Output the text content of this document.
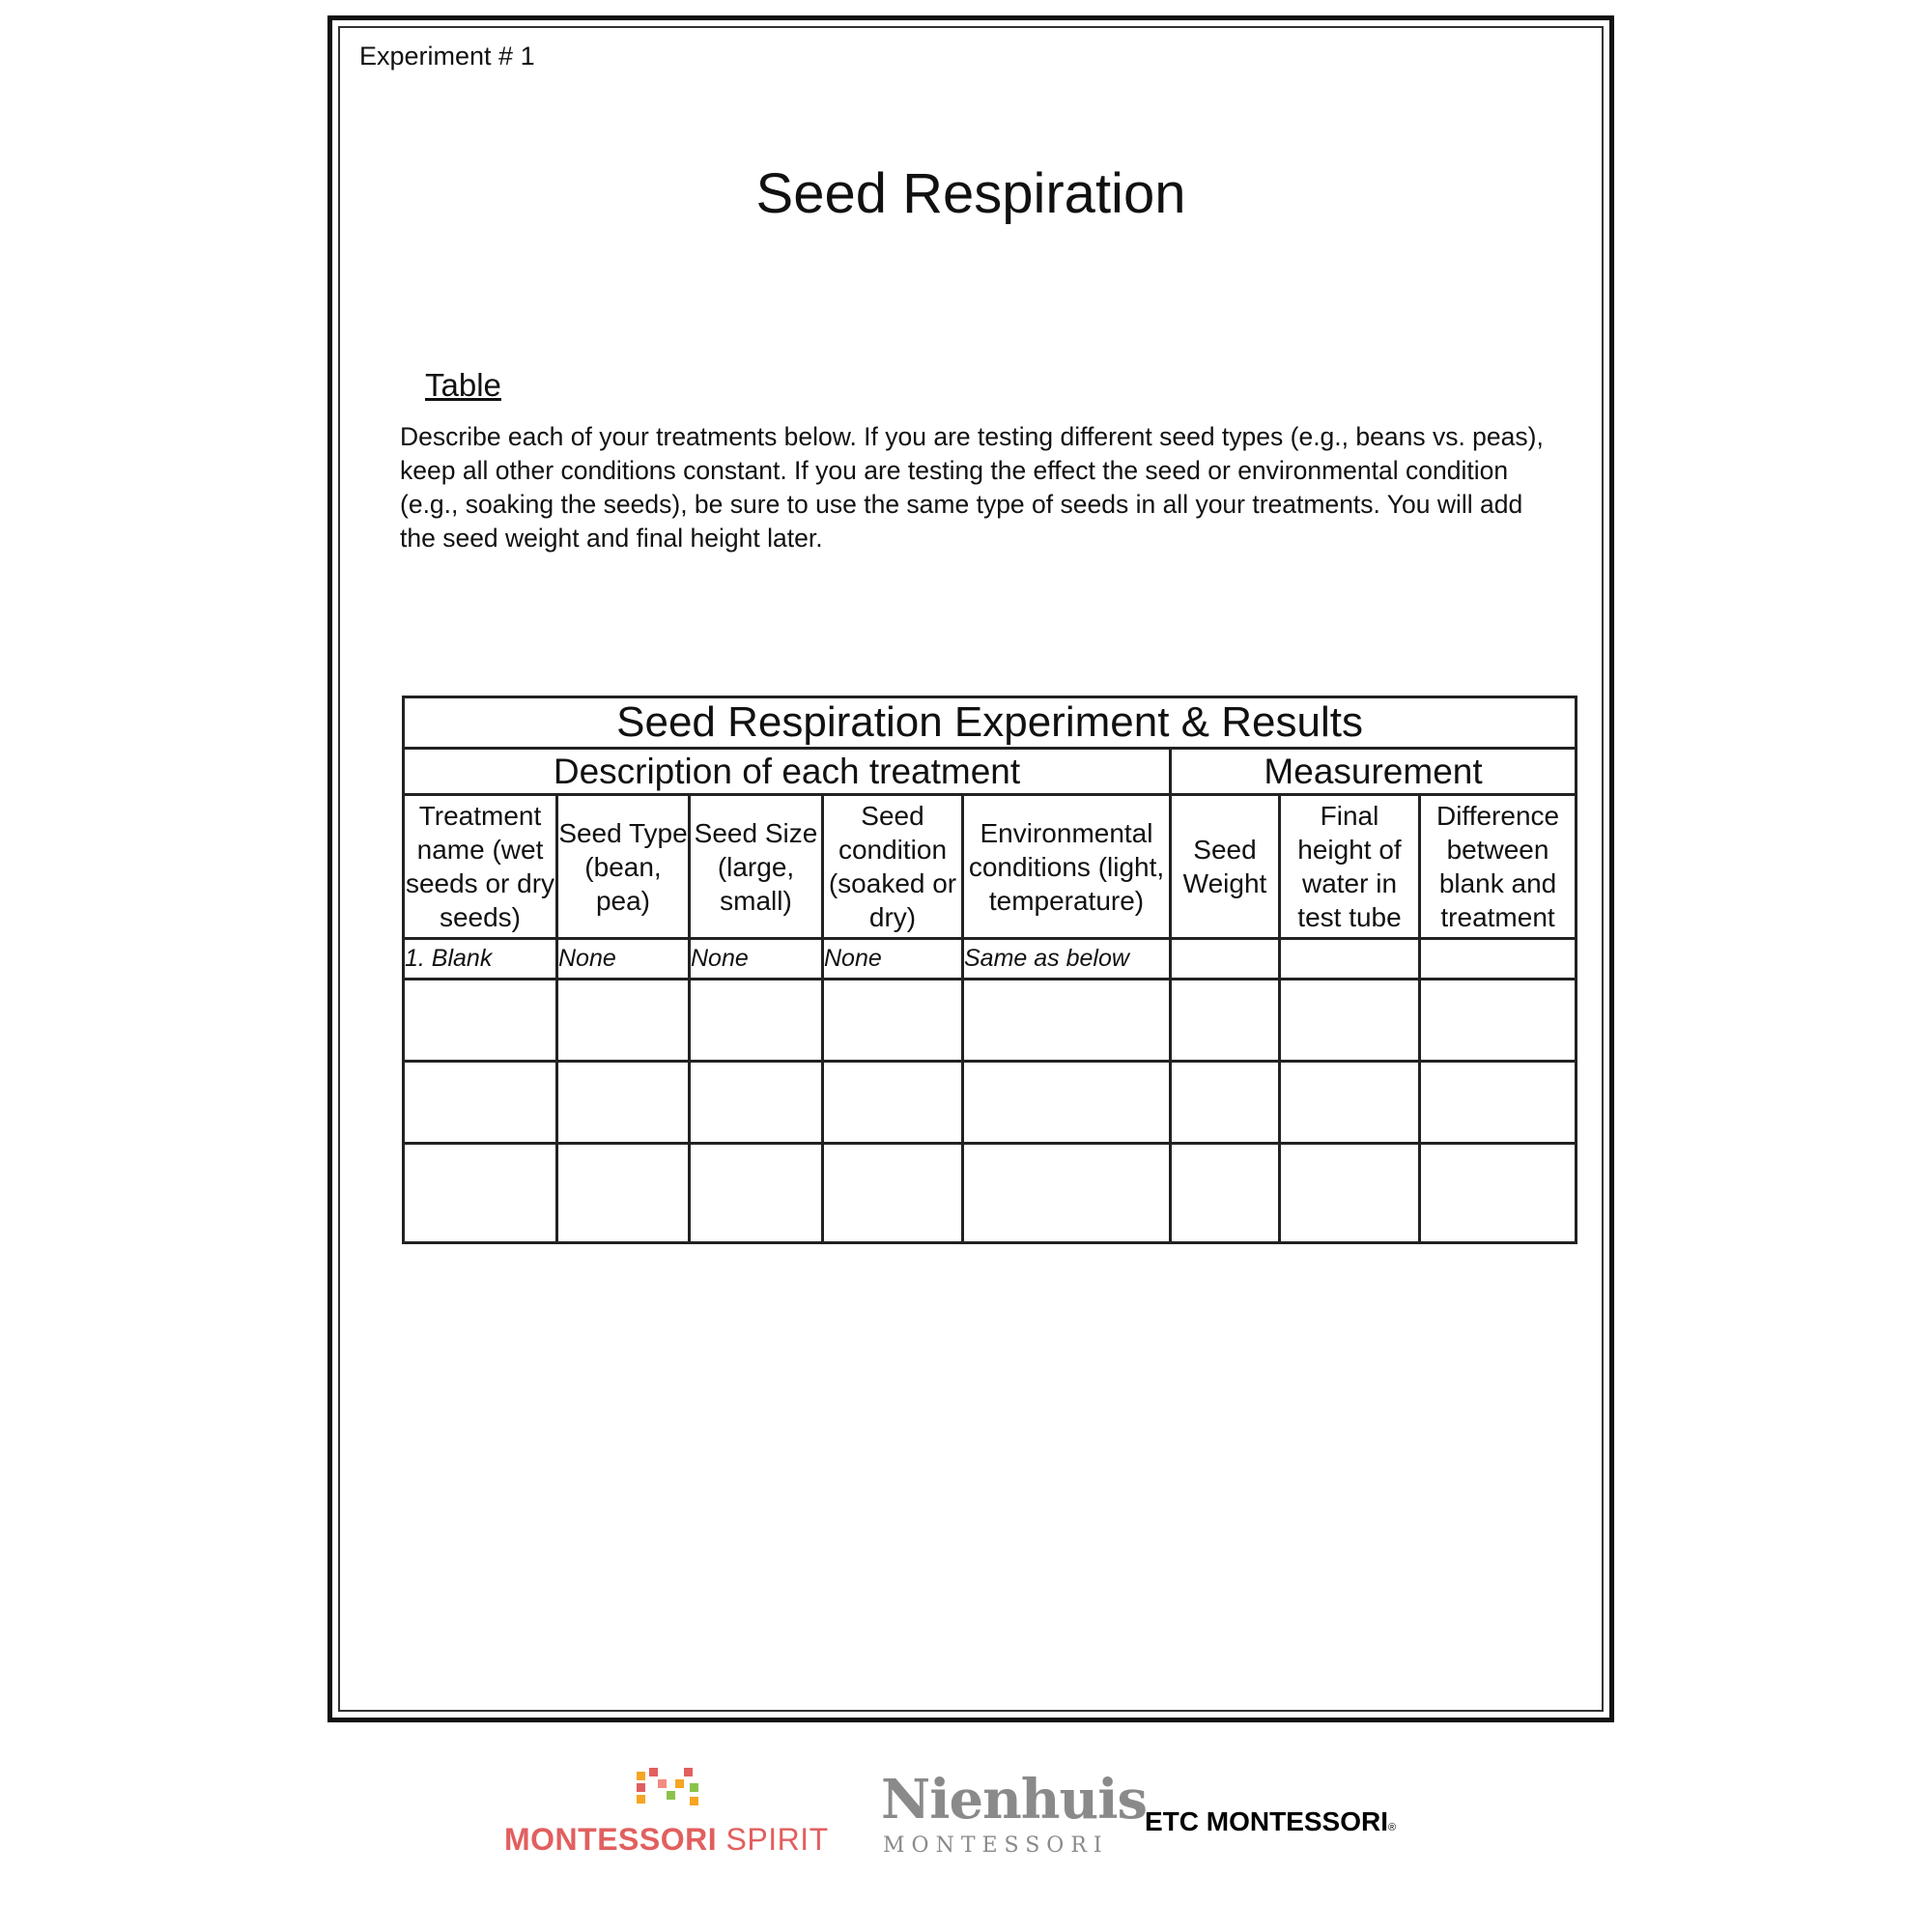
Experiment # 1
Seed Respiration
Table

Describe each of your treatments below. If you are testing different seed types (e.g., beans vs. peas), keep all other conditions constant. If you are testing the effect the seed or environmental condition (e.g., soaking the seeds), be sure to use the same type of seeds in all your treatments. You will add the seed weight and final height later.

Seed Respiration Experiment & Results							
Description of each treatment					Measurement		
Treatment name (wet seeds or dry seeds)	Seed Type (bean, pea)	Seed Size (large, small)	Seed condition (soaked or dry)	Environmental conditions (light, temperature)	Seed Weight	Final height of water in test tube	Difference between blank and treatment
1. Blank	None	None	None	Same as below			

MONTESSORI SPIRIT
Nienhuis
MONTESSORI
ETC MONTESSORI®
